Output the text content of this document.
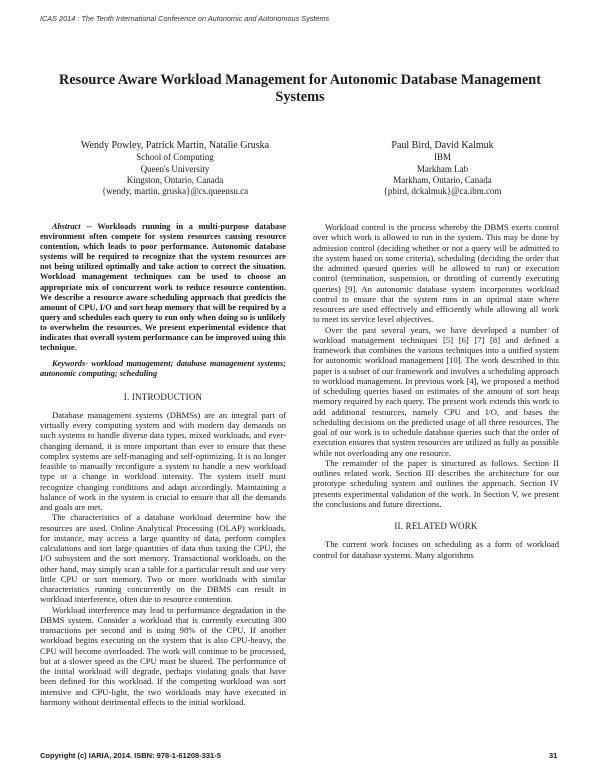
ICAS 2014 : The Tenth International Conference on Autonomic and Autonomous Systems
Resource Aware Workload Management for Autonomic Database Management Systems
Wendy Powley, Patrick Martin, Natalie Gruska
School of Computing
Queen's University
Kingston, Ontario, Canada
{wendy, martin, gruska}@cs.queensu.ca
Paul Bird, David Kalmuk
IBM
Markham Lab
Markham, Ontario, Canada
{pbird, dckalmuk}@ca.ibm.com

Abstract -- Workloads running in a multi-purpose database environment often compete for system resources causing resource contention, which leads to poor performance. Autonomic database systems will be required to recognize that the system resources are not being utilized optimally and take action to correct the situation. Workload management techniques can be used to choose an appropriate mix of concurrent work to reduce resource contention. We describe a resource aware scheduling approach that predicts the amount of CPU, I/O and sort heap memory that will be required by a query and schedules each query to run only when doing so is unlikely to overwhelm the resources. We present experimental evidence that indicates that overall system performance can be improved using this technique.

Keywords- workload management; database management systems; autonomic computing; scheduling

I. INTRODUCTION

Database management systems (DBMSs) are an integral part of virtually every computing system and with modern day demands on such systems to handle diverse data types, mixed workloads, and ever-changing demand, it is more important than ever to ensure that these complex systems are self-managing and self-optimizing. It is no longer feasible to manually reconfigure a system to handle a new workload type or a change in workload intensity. The system itself must recognize changing conditions and adapt accordingly. Maintaining a balance of work in the system is crucial to ensure that all the demands and goals are met.

The characteristics of a database workload determine how the resources are used. Online Analytical Processing (OLAP) workloads, for instance, may access a large quantity of data, perform complex calculations and sort large quantities of data thus taxing the CPU, the I/O subsystem and the sort memory. Transactional workloads, on the other hand, may simply scan a table for a particular result and use very little CPU or sort memory. Two or more workloads with similar characteristics running concurrently on the DBMS can result in workload interference, often due to resource contention.

Workload interference may lead to performance degradation in the DBMS system. Consider a workload that is currently executing 300 transactions per second and is using 98% of the CPU. If another workload begins executing on the system that is also CPU-heavy, the CPU will become overloaded. The work will continue to be processed, but at a slower speed as the CPU must be shared. The performance of the initial workload will degrade, perhaps violating goals that have been defined for this workload. If the competing workload was sort intensive and CPU-light, the two workloads may have executed in harmony without detrimental effects to the initial workload.

Workload control is the process whereby the DBMS exerts control over which work is allowed to run in the system. This may be done by admission control (deciding whether or not a query will be admitted to the system based on some criteria), scheduling (deciding the order that the admitted queued queries will be allowed to run) or execution control (termination, suspension, or throttling of currently executing queries) [9]. An autonomic database system incorporates workload control to ensure that the system runs in an optimal state where resources are used effectively and efficiently while allowing all work to meet its service level objectives.

Over the past several years, we have developed a number of workload management techniques [5] [6] [7] [8] and defined a framework that combines the various techniques into a unified system for autonomic workload management [10]. The work described in this paper is a subset of our framework and involves a scheduling approach to workload management. In previous work [4], we proposed a method of scheduling queries based on estimates of the amount of sort heap memory required by each query. The present work extends this work to add additional resources, namely CPU and I/O, and bases the scheduling decisions on the predicted usage of all three resources. The goal of our work is to schedule database queries such that the order of execution ensures that system resources are utilized as fully as possible while not overloading any one resource.

The remainder of the paper is structured as follows. Section II outlines related work. Section III describes the architecture for our prototype scheduling system and outlines the approach. Section IV presents experimental validation of the work. In Section V, we present the conclusions and future directions.

II. RELATED WORK

The current work focuses on scheduling as a form of workload control for database systems. Many algorithms

Copyright (c) IARIA, 2014. ISBN: 978-1-61208-331-5	31
